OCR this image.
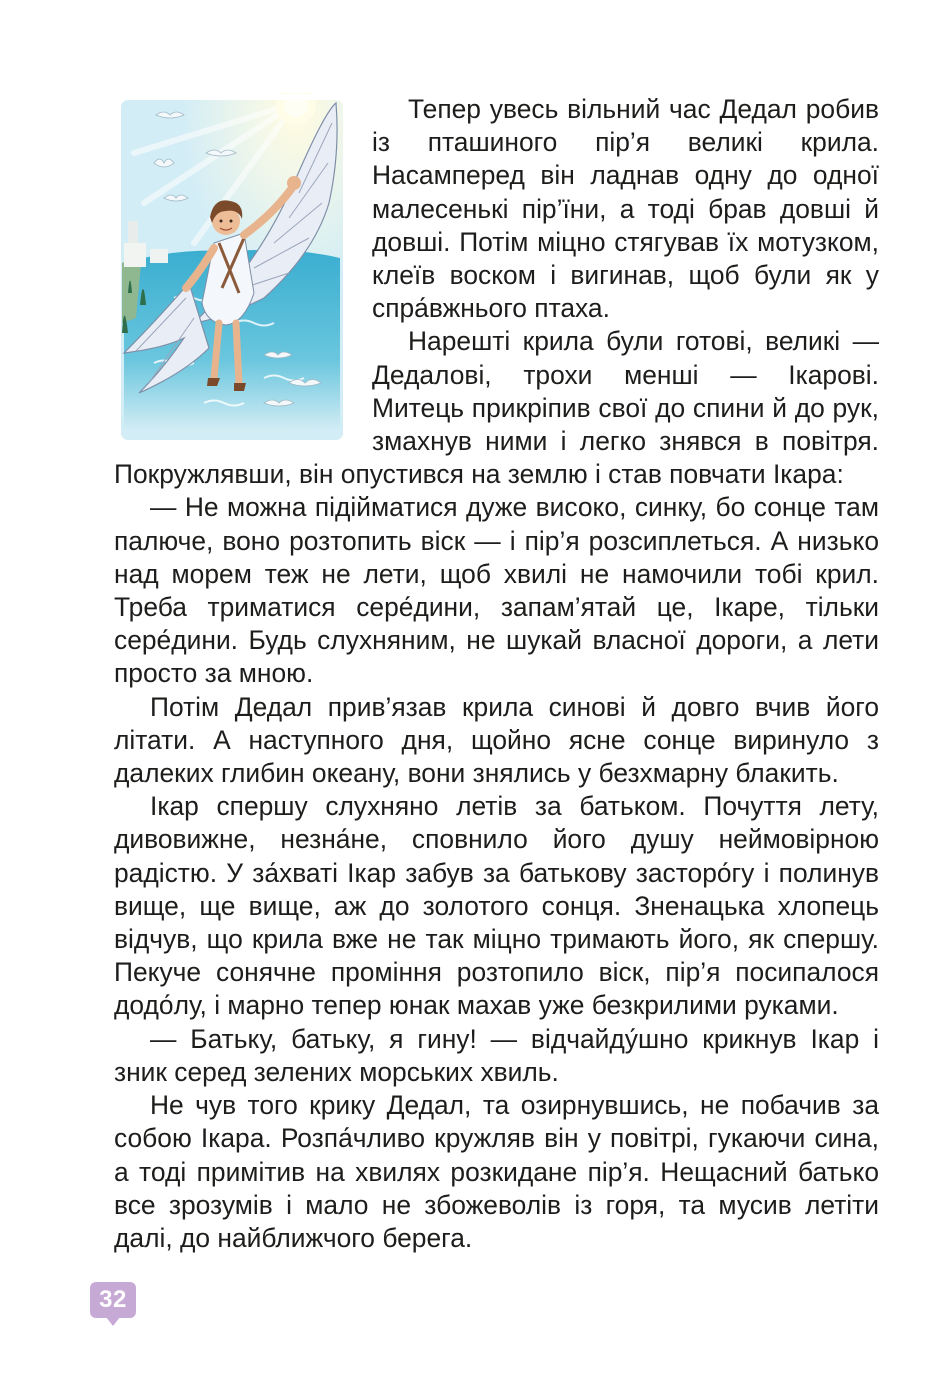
Тепер увесь вільний час Дедал робив із пташиного пір’я великі крила. Насамперед він ладнав одну до одної малесенькі пір’їни, а тоді брав довші й довші. Потім міцно стягував їх мотузком, клеїв воском і вигинав, щоб були як у спра́вжнього птаха.

Нарешті крила були готові, великі — Дедалові, трохи менші — Ікарові. Митець прикріпив свої до спини й до рук, змахнув ними і легко знявся в повітря. Покружлявши, він опустився на землю і став повчати Ікара:

— Не можна підійматися дуже високо, синку, бо сонце там палюче, воно розтопить віск — і пір’я розсиплеться. А низько над морем теж не лети, щоб хвилі не намочили тобі крил. Треба триматися сере́дини, запам’ятай це, Ікаре, тільки сере́дини. Будь слухняним, не шукай власної дороги, а лети просто за мною.

Потім Дедал прив’язав крила синові й довго вчив його літати. А наступного дня, щойно ясне сонце виринуло з далеких глибин океану, вони знялись у безхмарну блакить.

Ікар спершу слухняно летів за батьком. Почуття лету, дивовижне, незна́не, сповнило його душу неймовірною радістю. У за́хваті Ікар забув за батькову засторо́гу і полинув вище, ще вище, аж до золотого сонця. Зненацька хлопець відчув, що крила вже не так міцно тримають його, як спершу. Пекуче сонячне проміння розтопило віск, пір’я посипалося додо́лу, і марно тепер юнак махав уже безкрилими руками.

— Батьку, батьку, я гину! — відчайду́шно крикнув Ікар і зник серед зелених морських хвиль.

Не чув того крику Дедал, та озирнувшись, не побачив за собою Ікара. Розпа́чливо кружляв він у повітрі, гукаючи сина, а тоді примітив на хвилях розкидане пір’я. Нещасний батько все зрозумів і мало не збожеволів із горя, та мусив летіти далі, до найближчого берега.

32
